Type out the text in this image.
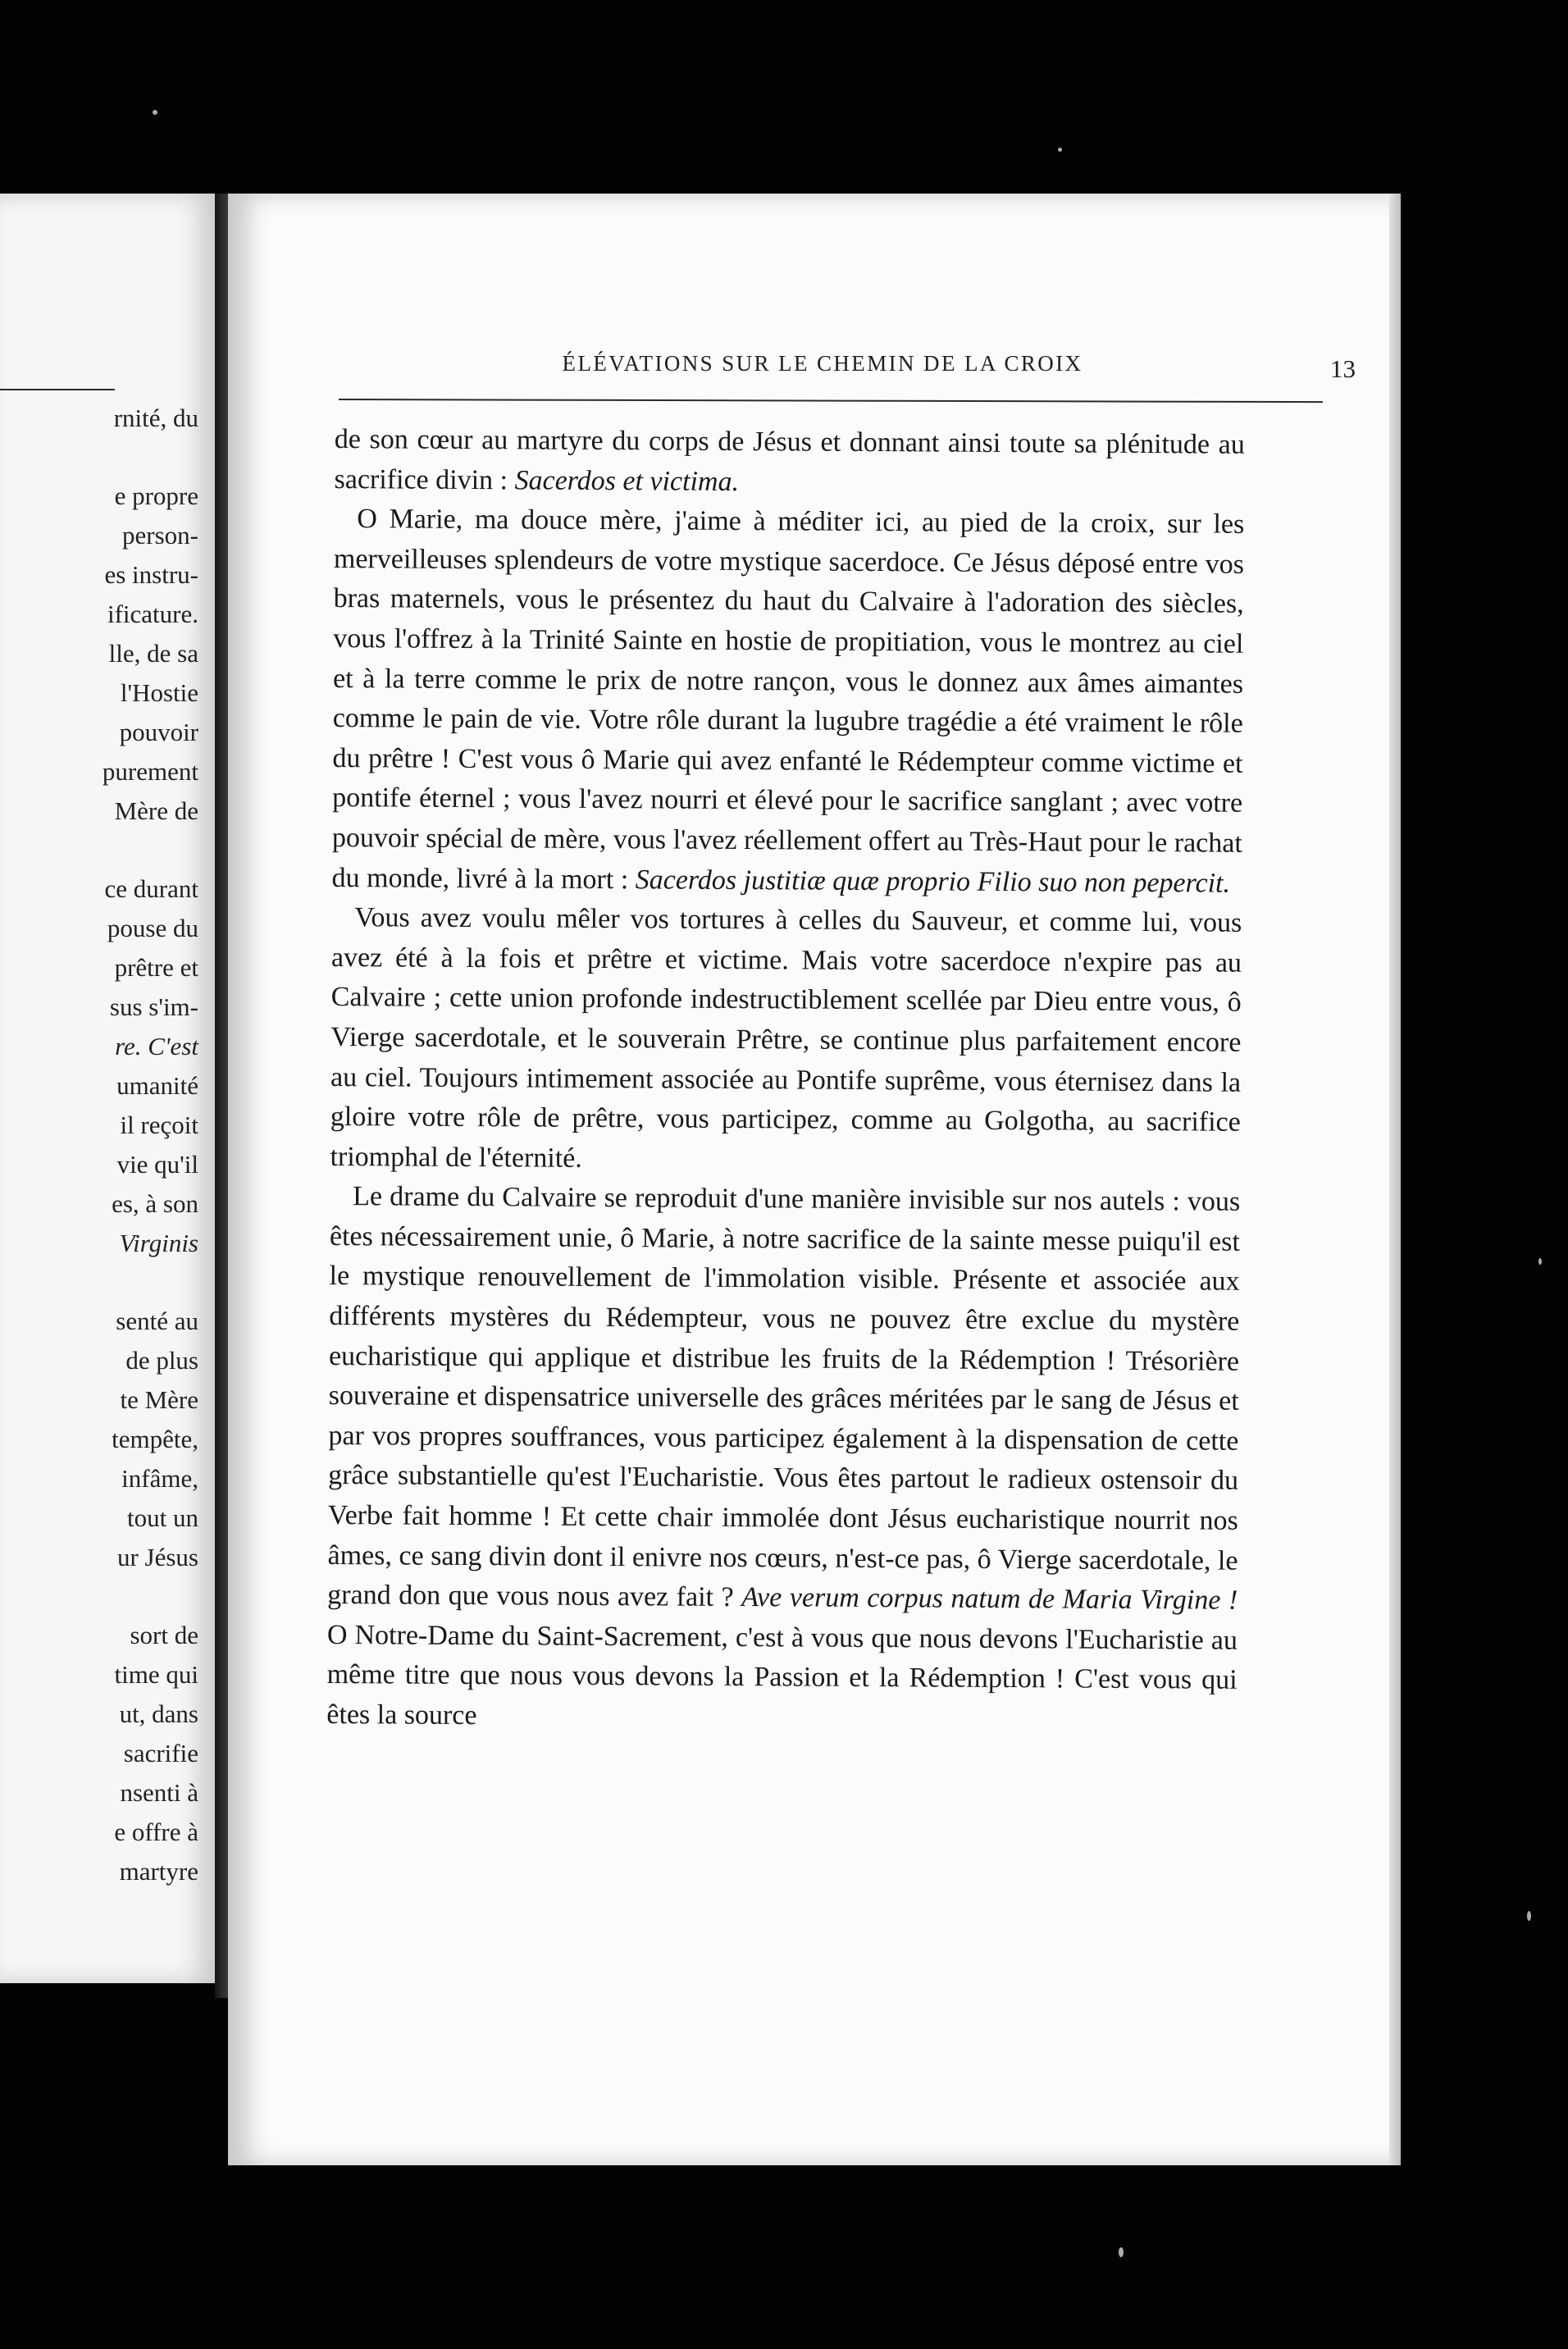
rnité, du
e propre
person-
es instru-
ificature.
lle, de sa
l'Hostie
pouvoir
purement
Mère de
ce durant
pouse du
prêtre et
sus s'im-
re. C'est
umanité
il reçoit
vie qu'il
es, à son
Virginis
senté au
de plus
te Mère
tempête,
infâme,
tout un
ur Jésus
sort de
time qui
ut, dans
sacrifie
nsenti à
e offre à
martyre
ÉLÉVATIONS SUR LE CHEMIN DE LA CROIX	13

de son cœur au martyre du corps de Jésus et donnant ainsi toute sa plénitude au sacrifice divin : Sacerdos et victima.

O Marie, ma douce mère, j'aime à méditer ici, au pied de la croix, sur les merveilleuses splendeurs de votre mystique sacerdoce. Ce Jésus déposé entre vos bras maternels, vous le présentez du haut du Calvaire à l'adoration des siècles, vous l'offrez à la Trinité Sainte en hostie de propitiation, vous le montrez au ciel et à la terre comme le prix de notre rançon, vous le donnez aux âmes aimantes comme le pain de vie. Votre rôle durant la lugubre tragédie a été vraiment le rôle du prêtre ! C'est vous ô Marie qui avez enfanté le Rédempteur comme victime et pontife éternel ; vous l'avez nourri et élevé pour le sacrifice sanglant ; avec votre pouvoir spécial de mère, vous l'avez réellement offert au Très-Haut pour le rachat du monde, livré à la mort : Sacerdos justitiæ quæ proprio Filio suo non pepercit.

Vous avez voulu mêler vos tortures à celles du Sauveur, et comme lui, vous avez été à la fois et prêtre et victime. Mais votre sacerdoce n'expire pas au Calvaire ; cette union profonde indestructiblement scellée par Dieu entre vous, ô Vierge sacerdotale, et le souverain Prêtre, se continue plus parfaitement encore au ciel. Toujours intimement associée au Pontife suprême, vous éternisez dans la gloire votre rôle de prêtre, vous participez, comme au Golgotha, au sacrifice triomphal de l'éternité.

Le drame du Calvaire se reproduit d'une manière invisible sur nos autels : vous êtes nécessairement unie, ô Marie, à notre sacrifice de la sainte messe puiqu'il est le mystique renouvellement de l'immolation visible. Présente et associée aux différents mystères du Rédempteur, vous ne pouvez être exclue du mystère eucharistique qui applique et distribue les fruits de la Rédemption ! Trésorière souveraine et dispensatrice universelle des grâces méritées par le sang de Jésus et par vos propres souffrances, vous participez également à la dispensation de cette grâce substantielle qu'est l'Eucharistie. Vous êtes partout le radieux ostensoir du Verbe fait homme ! Et cette chair immolée dont Jésus eucharistique nourrit nos âmes, ce sang divin dont il enivre nos cœurs, n'est-ce pas, ô Vierge sacerdotale, le grand don que vous nous avez fait ? Ave verum corpus natum de Maria Virgine ! O Notre-Dame du Saint-Sacrement, c'est à vous que nous devons l'Eucharistie au même titre que nous vous devons la Passion et la Rédemption ! C'est vous qui êtes la source
